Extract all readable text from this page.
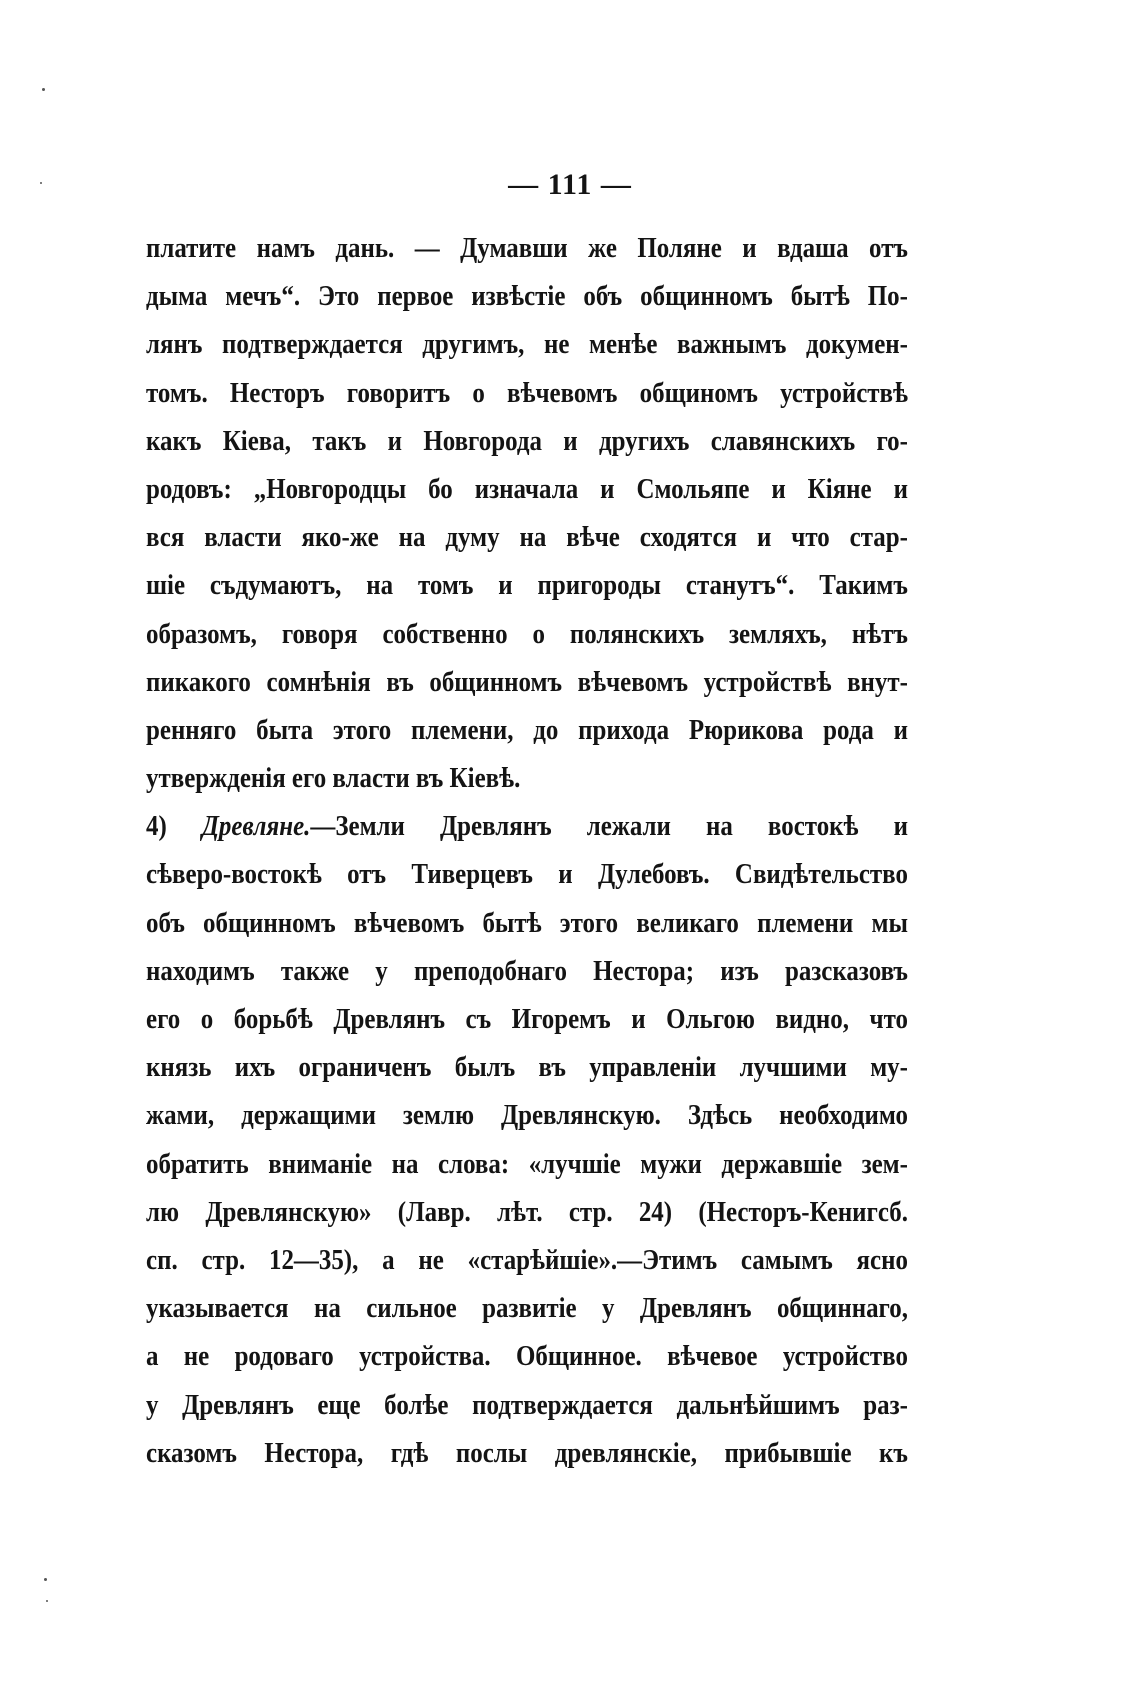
— 111 —
платите намъ дань. — Думавши же Поляне и вдаша отъ
дыма мечъ“. Это первое извѣстіе объ общинномъ бытѣ По-
лянъ подтверждается другимъ, не менѣе важнымъ докумен-
томъ. Несторъ говоритъ о вѣчевомъ общиномъ устройствѣ
какъ Кіева, такъ и Новгорода и другихъ славянскихъ го-
родовъ: „Новгородцы бо изначала и Смольяпе и Кіяне и
вся власти яко-же на думу на вѣче сходятся и что стар-
шіе съдумаютъ, на томъ и пригороды станутъ“. Такимъ
образомъ, говоря собственно о полянскихъ земляхъ, нѣтъ
пикакого сомнѣнія въ общинномъ вѣчевомъ устройствѣ внут-
ренняго быта этого племени, до прихода Рюрикова рода и
утвержденія его власти въ Кіевѣ.
4) Древляне.—Земли Древлянъ лежали на востокѣ и
сѣверо-востокѣ отъ Тиверцевъ и Дулебовъ. Свидѣтельство
объ общинномъ вѣчевомъ бытѣ этого великаго племени мы
находимъ также у преподобнаго Нестора; изъ разсказовъ
его о борьбѣ Древлянъ съ Игоремъ и Ольгою видно, что
князь ихъ ограниченъ былъ въ управленіи лучшими му-
жами, держащими землю Древлянскую. Здѣсь необходимо
обратить вниманіе на слова: «лучшіе мужи державшіе зем-
лю Древлянскую» (Лавр. лѣт. стр. 24) (Несторъ-Кенигсб.
сп. стр. 12—35), а не «старѣйшіе».—Этимъ самымъ ясно
указывается на сильное развитіе у Древлянъ общиннаго,
а не родоваго устройства. Общинное. вѣчевое устройство
у Древлянъ еще болѣе подтверждается дальнѣйшимъ раз-
сказомъ Нестора, гдѣ послы древлянскіе, прибывшіе къ
